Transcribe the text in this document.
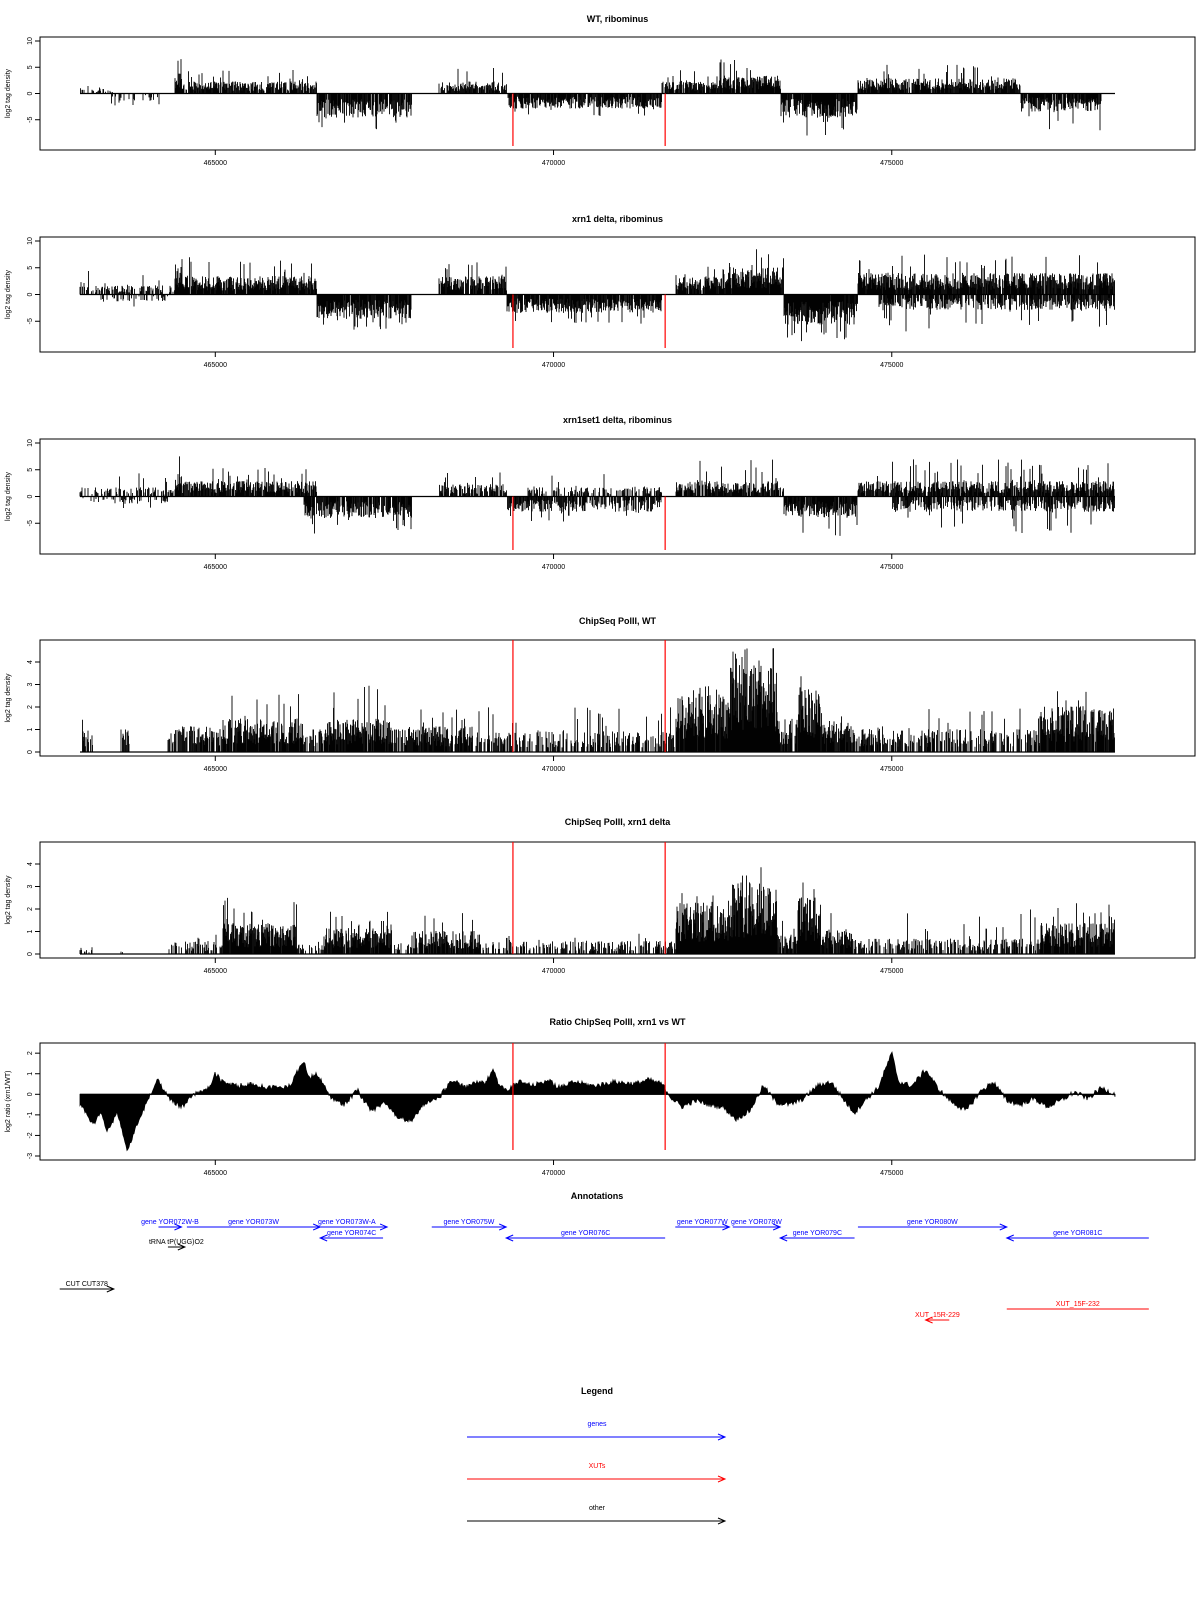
WT, ribominus
log2 tag density
-5
0
5
10
465000	470000	475000
xrn1 delta, ribominus
log2 tag density
-5
0
5
10
465000	470000	475000
xrn1set1 delta, ribominus
log2 tag density
-5
0
5
10
465000	470000	475000
ChipSeq PolII, WT
log2 tag density
0
1
2
3
4
465000	470000	475000
ChipSeq PolII, xrn1 delta
log2 tag density
0
1
2
3
4
465000	470000	475000
Ratio ChipSeq PolII, xrn1 vs WT
log2 ratio (xrn1/WT)
-3
-2
-1
0
1
2
465000	470000	475000
Annotations
gene YOR072W-B	gene YOR073W	gene YOR073W-A
gene YOR074C
gene YOR075W
gene YOR076C
gene YOR077W gene YOR078W
gene YOR079C
gene YOR080W
gene YOR081C
tRNA tP(UGG)O2
CUT CUT378
XUT_15R-229
XUT_15F-232
Legend
genes
XUTs
other
